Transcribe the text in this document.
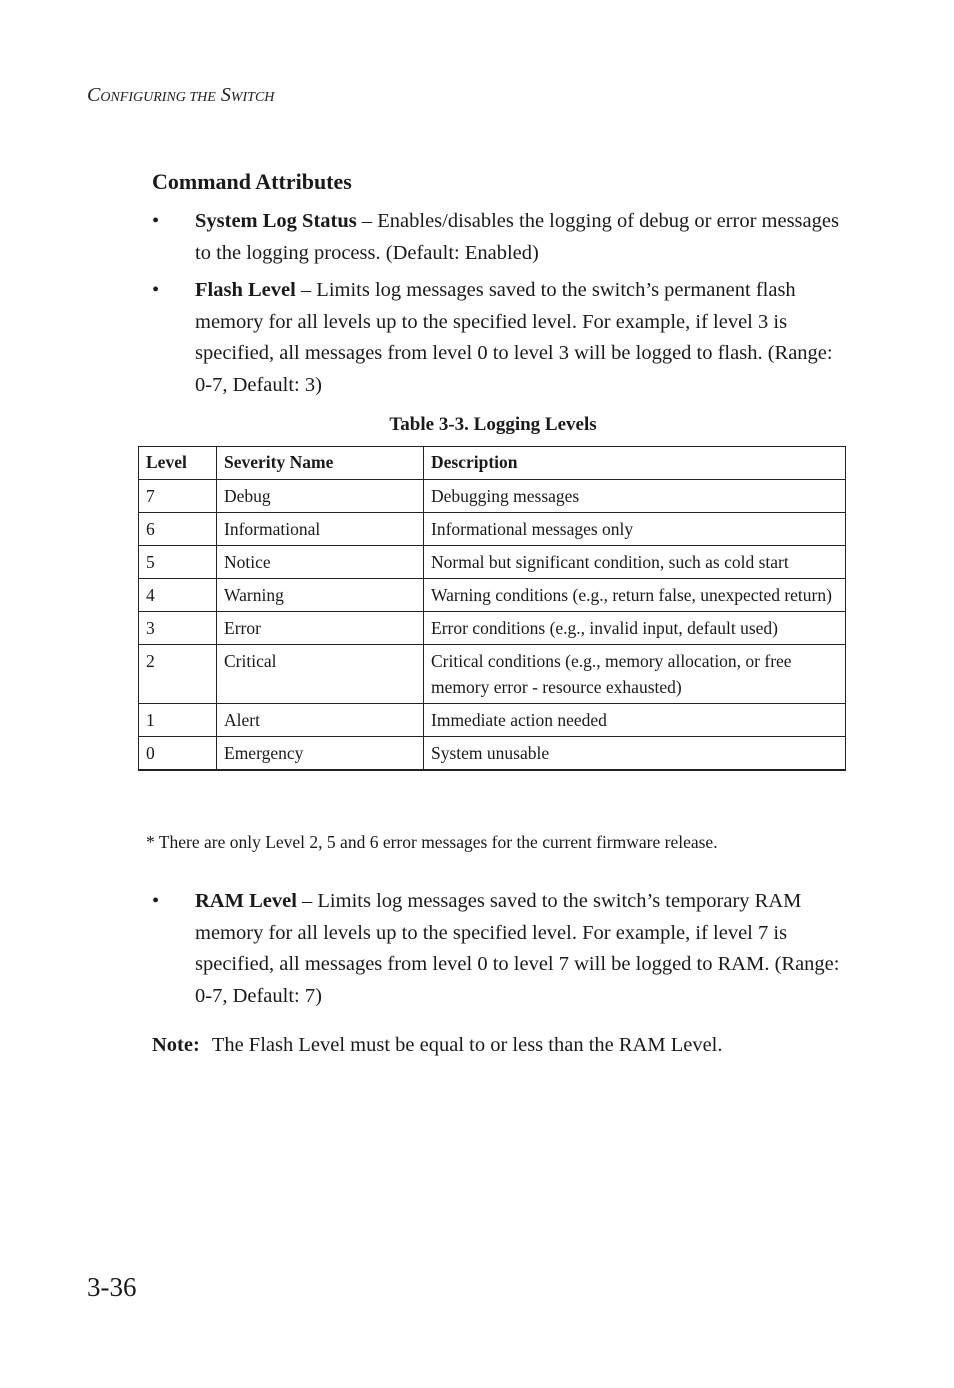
CONFIGURING THE SWITCH
Command Attributes
• System Log Status – Enables/disables the logging of debug or error messages to the logging process. (Default: Enabled)
• Flash Level – Limits log messages saved to the switch’s permanent flash memory for all levels up to the specified level. For example, if level 3 is specified, all messages from level 0 to level 3 will be logged to flash. (Range: 0-7, Default: 3)
Table 3-3. Logging Levels
Level	Severity Name	Description
7	Debug	Debugging messages
6	Informational	Informational messages only
5	Notice	Normal but significant condition, such as cold start
4	Warning	Warning conditions (e.g., return false, unexpected return)
3	Error	Error conditions (e.g., invalid input, default used)
2	Critical	Critical conditions (e.g., memory allocation, or free memory error - resource exhausted)
1	Alert	Immediate action needed
0	Emergency	System unusable
* There are only Level 2, 5 and 6 error messages for the current firmware release.
• RAM Level – Limits log messages saved to the switch’s temporary RAM memory for all levels up to the specified level. For example, if level 7 is specified, all messages from level 0 to level 7 will be logged to RAM. (Range: 0-7, Default: 7)
Note: The Flash Level must be equal to or less than the RAM Level.
3-36
